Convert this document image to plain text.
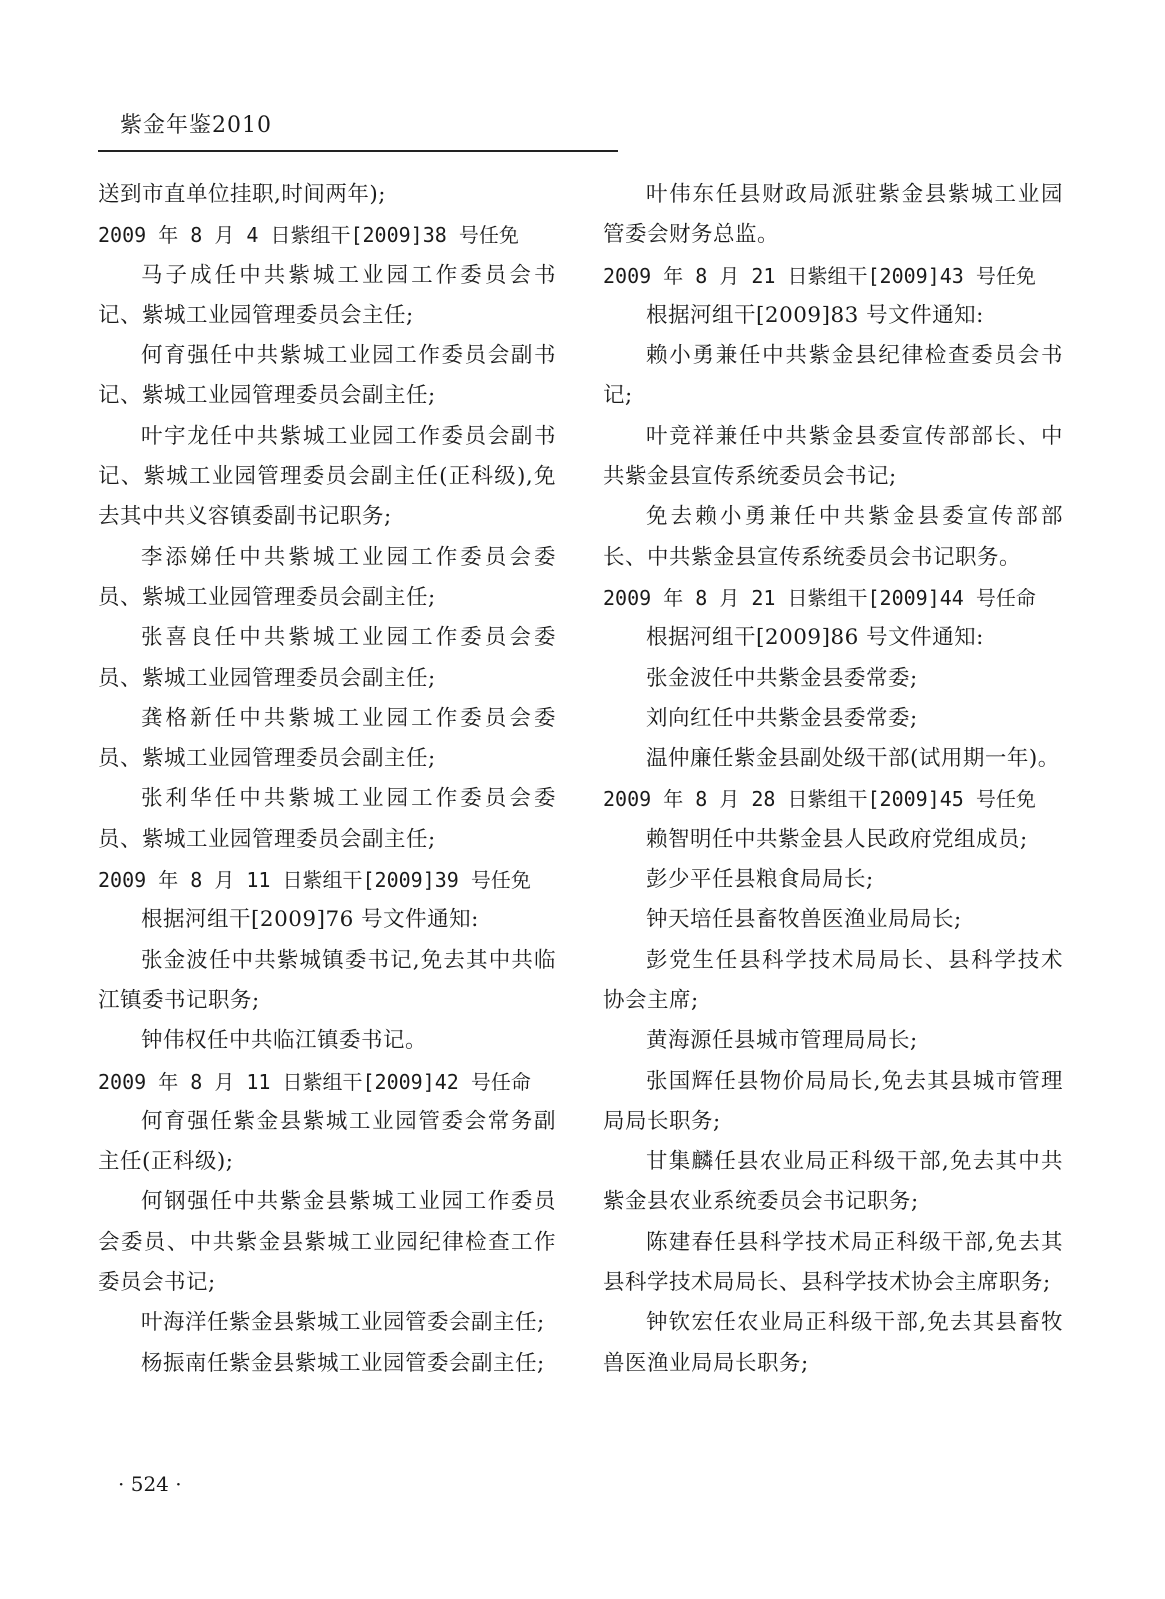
紫金年鉴2010

送到市直单位挂职,时间两年);

2009 年 8 月 4 日紫组干[2009]38 号任免

马子成任中共紫城工业园工作委员会书记、紫城工业园管理委员会主任;

何育强任中共紫城工业园工作委员会副书记、紫城工业园管理委员会副主任;

叶宇龙任中共紫城工业园工作委员会副书记、紫城工业园管理委员会副主任(正科级),免去其中共义容镇委副书记职务;

李添娣任中共紫城工业园工作委员会委员、紫城工业园管理委员会副主任;

张喜良任中共紫城工业园工作委员会委员、紫城工业园管理委员会副主任;

龚格新任中共紫城工业园工作委员会委员、紫城工业园管理委员会副主任;

张利华任中共紫城工业园工作委员会委员、紫城工业园管理委员会副主任;

2009 年 8 月 11 日紫组干[2009]39 号任免

根据河组干[2009]76 号文件通知:

张金波任中共紫城镇委书记,免去其中共临江镇委书记职务;

钟伟权任中共临江镇委书记。

2009 年 8 月 11 日紫组干[2009]42 号任命

何育强任紫金县紫城工业园管委会常务副主任(正科级);

何钢强任中共紫金县紫城工业园工作委员会委员、中共紫金县紫城工业园纪律检查工作委员会书记;

叶海洋任紫金县紫城工业园管委会副主任;

杨振南任紫金县紫城工业园管委会副主任;

叶伟东任县财政局派驻紫金县紫城工业园管委会财务总监。

2009 年 8 月 21 日紫组干[2009]43 号任免

根据河组干[2009]83 号文件通知:

赖小勇兼任中共紫金县纪律检查委员会书记;

叶竞祥兼任中共紫金县委宣传部部长、中共紫金县宣传系统委员会书记;

免去赖小勇兼任中共紫金县委宣传部部长、中共紫金县宣传系统委员会书记职务。

2009 年 8 月 21 日紫组干[2009]44 号任命

根据河组干[2009]86 号文件通知:

张金波任中共紫金县委常委;

刘向红任中共紫金县委常委;

温仲廉任紫金县副处级干部(试用期一年)。

2009 年 8 月 28 日紫组干[2009]45 号任免

赖智明任中共紫金县人民政府党组成员;

彭少平任县粮食局局长;

钟天培任县畜牧兽医渔业局局长;

彭党生任县科学技术局局长、县科学技术协会主席;

黄海源任县城市管理局局长;

张国辉任县物价局局长,免去其县城市管理局局长职务;

甘集麟任县农业局正科级干部,免去其中共紫金县农业系统委员会书记职务;

陈建春任县科学技术局正科级干部,免去其县科学技术局局长、县科学技术协会主席职务;

钟钦宏任农业局正科级干部,免去其县畜牧兽医渔业局局长职务;

· 524 ·
